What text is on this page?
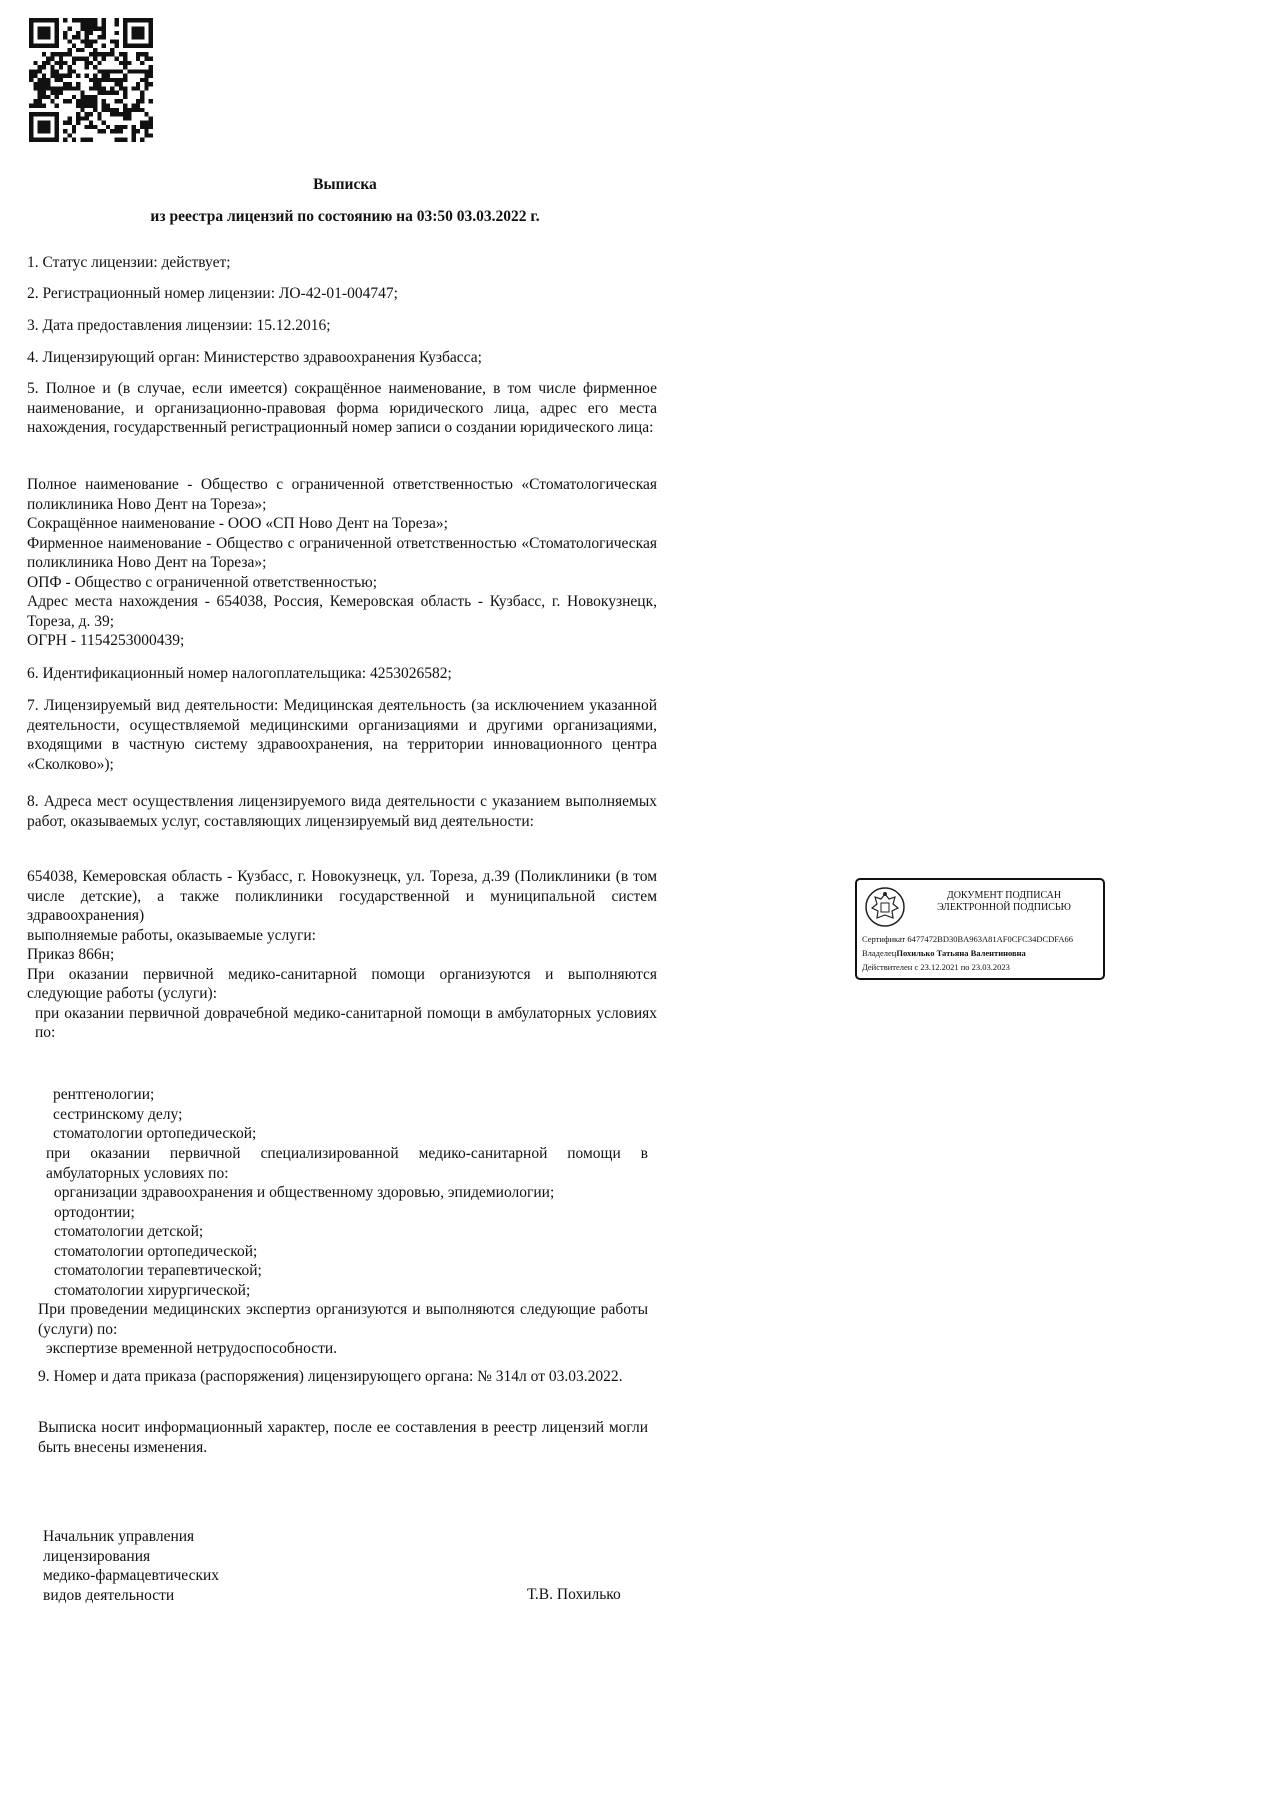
Выписка
из реестра лицензий по состоянию на 03:50 03.03.2022 г.

1. Статус лицензии: действует;

2. Регистрационный номер лицензии: ЛО-42-01-004747;

3. Дата предоставления лицензии: 15.12.2016;

4. Лицензирующий орган: Министерство здравоохранения Кузбасса;

5. Полное и (в случае, если имеется) сокращённое наименование, в том числе фирменное наименование, и организационно-правовая форма юридического лица, адрес его места нахождения, государственный регистрационный номер записи о создании юридического лица:

Полное наименование - Общество с ограниченной ответственностью «Стоматологическая поликлиника Ново Дент на Тореза»;
Сокращённое наименование - ООО «СП Ново Дент на Тореза»;
Фирменное наименование - Общество с ограниченной ответственностью «Стоматологическая поликлиника Ново Дент на Тореза»;
ОПФ - Общество с ограниченной ответственностью;
Адрес места нахождения - 654038, Россия, Кемеровская область - Кузбасс, г. Новокузнецк, Тореза, д. 39;
ОГРН - 1154253000439;

6. Идентификационный номер налогоплательщика: 4253026582;

7. Лицензируемый вид деятельности: Медицинская деятельность (за исключением указанной деятельности, осуществляемой медицинскими организациями и другими организациями, входящими в частную систему здравоохранения, на территории инновационного центра «Сколково»);

8. Адреса мест осуществления лицензируемого вида деятельности с указанием выполняемых работ, оказываемых услуг, составляющих лицензируемый вид деятельности:

654038, Кемеровская область - Кузбасс, г. Новокузнецк, ул. Тореза, д.39 (Поликлиники (в том числе детские), а также поликлиники государственной и муниципальной систем здравоохранения)
выполняемые работы, оказываемые услуги:
Приказ 866н;
При оказании первичной медико-санитарной помощи организуются и выполняются следующие работы (услуги):
при оказании первичной доврачебной медико-санитарной помощи в амбулаторных условиях по:
рентгенологии;
сестринскому делу;
стоматологии ортопедической;
при оказании первичной специализированной медико-санитарной помощи в амбулаторных условиях по:
организации здравоохранения и общественному здоровью, эпидемиологии;
ортодонтии;
стоматологии детской;
стоматологии ортопедической;
стоматологии терапевтической;
стоматологии хирургической;
При проведении медицинских экспертиз организуются и выполняются следующие работы (услуги) по:
экспертизе временной нетрудоспособности.

9. Номер и дата приказа (распоряжения) лицензирующего органа: № 314л от 03.03.2022.

Выписка носит информационный характер, после ее составления в реестр лицензий могли быть внесены изменения.

Начальник управления
лицензирования
медико-фармацевтических
видов деятельности	Т.В. Похилько
ДОКУМЕНТ ПОДПИСАН
ЭЛЕКТРОННОЙ ПОДПИСЬЮ
Сертификат 6477472BD30BA963A81AF0CFC34DCDFA66
ВладелецПохилько Татьяна Валентиновна
Действителен с 23.12.2021 по 23.03.2023
